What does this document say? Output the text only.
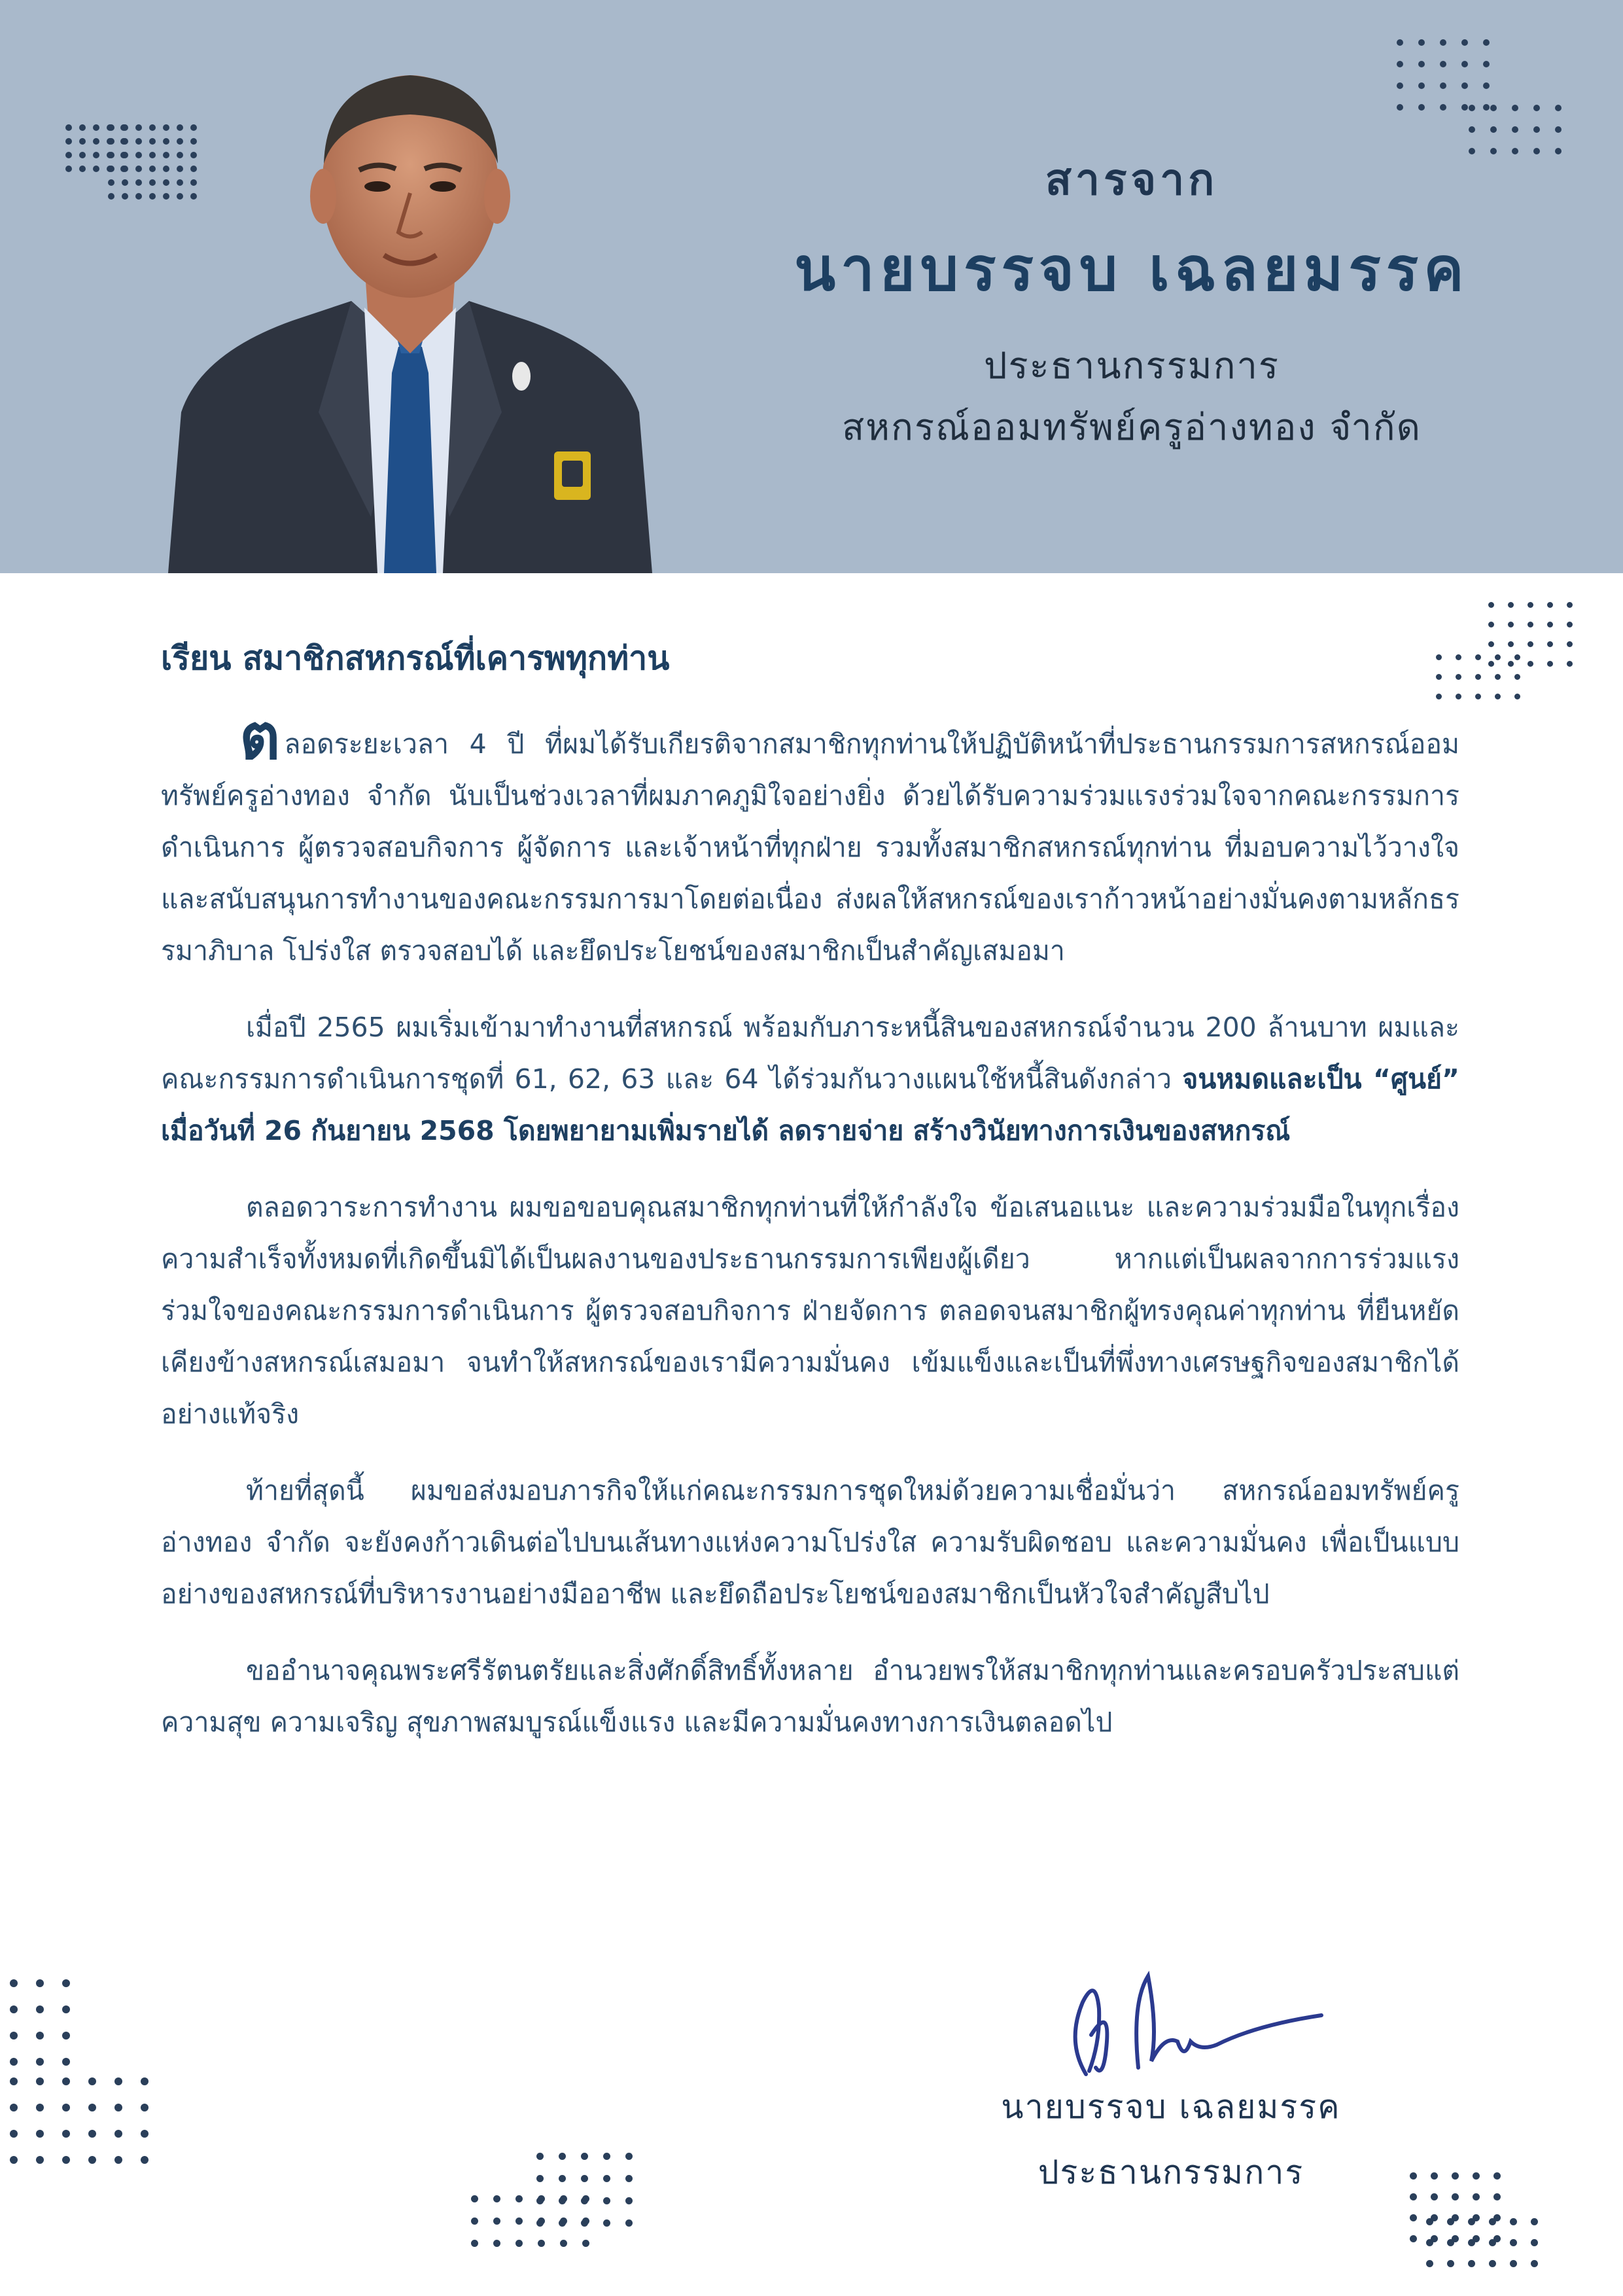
สารจาก

นายบรรจบ เฉลยมรรค

ประธานกรรมการ

สหกรณ์ออมทรัพย์ครูอ่างทอง จำกัด

เรียน สมาชิกสหกรณ์ที่เคารพทุกท่าน

ตลอดระยะเวลา 4 ปี ที่ผมได้รับเกียรติจากสมาชิกทุกท่านให้ปฏิบัติหน้าที่ประธานกรรมการสหกรณ์ออมทรัพย์ครูอ่างทอง จำกัด นับเป็นช่วงเวลาที่ผมภาคภูมิใจอย่างยิ่ง ด้วยได้รับความร่วมแรงร่วมใจจากคณะกรรมการดำเนินการ ผู้ตรวจสอบกิจการ ผู้จัดการ และเจ้าหน้าที่ทุกฝ่าย รวมทั้งสมาชิกสหกรณ์ทุกท่าน ที่มอบความไว้วางใจและสนับสนุนการทำงานของคณะกรรมการมาโดยต่อเนื่อง ส่งผลให้สหกรณ์ของเราก้าวหน้าอย่างมั่นคงตามหลักธรรมาภิบาล โปร่งใส ตรวจสอบได้ และยึดประโยชน์ของสมาชิกเป็นสำคัญเสมอมา

เมื่อปี 2565 ผมเริ่มเข้ามาทำงานที่สหกรณ์ พร้อมกับภาระหนี้สินของสหกรณ์จำนวน 200 ล้านบาท ผมและคณะกรรมการดำเนินการชุดที่ 61, 62, 63 และ 64 ได้ร่วมกันวางแผนใช้หนี้สินดังกล่าว จนหมดและเป็น “ศูนย์” เมื่อวันที่ 26 กันยายน 2568 โดยพยายามเพิ่มรายได้ ลดรายจ่าย สร้างวินัยทางการเงินของสหกรณ์

ตลอดวาระการทำงาน ผมขอขอบคุณสมาชิกทุกท่านที่ให้กำลังใจ ข้อเสนอแนะ และความร่วมมือในทุกเรื่อง ความสำเร็จทั้งหมดที่เกิดขึ้นมิได้เป็นผลงานของประธานกรรมการเพียงผู้เดียว หากแต่เป็นผลจากการร่วมแรงร่วมใจของคณะกรรมการดำเนินการ ผู้ตรวจสอบกิจการ ฝ่ายจัดการ ตลอดจนสมาชิกผู้ทรงคุณค่าทุกท่าน ที่ยืนหยัดเคียงข้างสหกรณ์เสมอมา จนทำให้สหกรณ์ของเรามีความมั่นคง เข้มแข็งและเป็นที่พึ่งทางเศรษฐกิจของสมาชิกได้อย่างแท้จริง

ท้ายที่สุดนี้ ผมขอส่งมอบภารกิจให้แก่คณะกรรมการชุดใหม่ด้วยความเชื่อมั่นว่า สหกรณ์ออมทรัพย์ครูอ่างทอง จำกัด จะยังคงก้าวเดินต่อไปบนเส้นทางแห่งความโปร่งใส ความรับผิดชอบ และความมั่นคง เพื่อเป็นแบบอย่างของสหกรณ์ที่บริหารงานอย่างมืออาชีพ และยึดถือประโยชน์ของสมาชิกเป็นหัวใจสำคัญสืบไป

ขออำนาจคุณพระศรีรัตนตรัยและสิ่งศักดิ์สิทธิ์ทั้งหลาย อำนวยพรให้สมาชิกทุกท่านและครอบครัวประสบแต่ความสุข ความเจริญ สุขภาพสมบูรณ์แข็งแรง และมีความมั่นคงทางการเงินตลอดไป

นายบรรจบ เฉลยมรรค

ประธานกรรมการ
